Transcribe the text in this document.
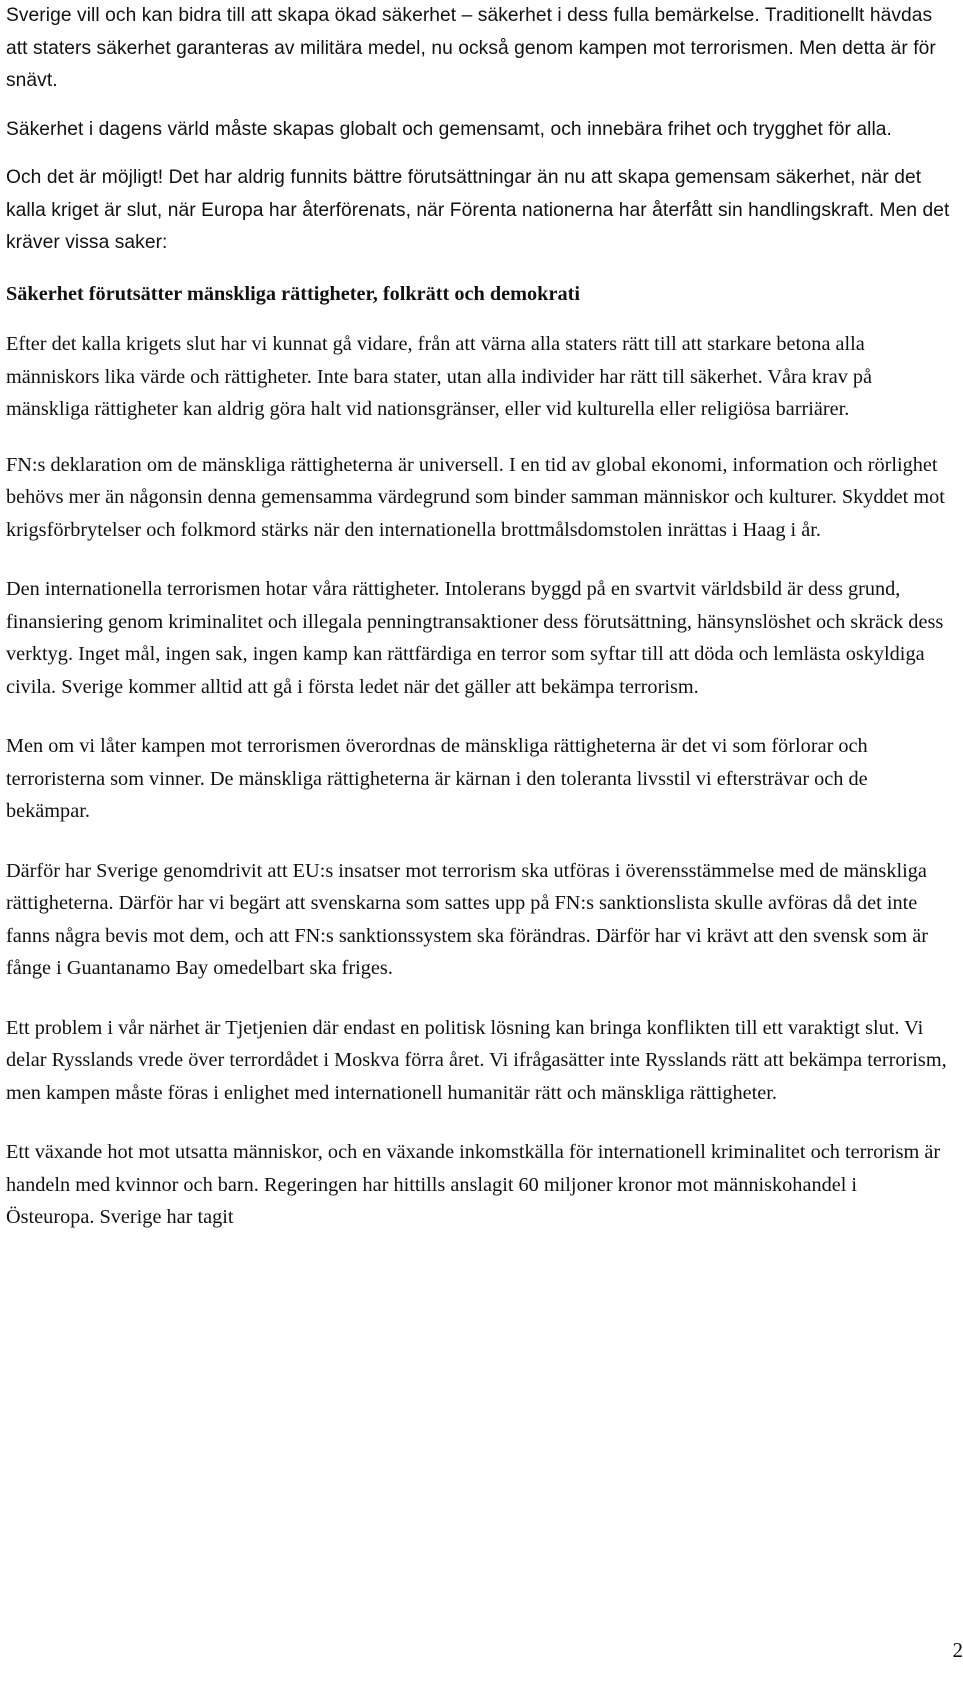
Sverige vill och kan bidra till att skapa ökad säkerhet – säkerhet i dess fulla bemärkelse. Traditionellt hävdas att staters säkerhet garanteras av militära medel, nu också genom kampen mot terrorismen. Men detta är för snävt.

Säkerhet i dagens värld måste skapas globalt och gemensamt, och innebära frihet och trygghet för alla.

Och det är möjligt! Det har aldrig funnits bättre förutsättningar än nu att skapa gemensam säkerhet, när det kalla kriget är slut, när Europa har återförenats, när Förenta nationerna har återfått sin handlingskraft. Men det kräver vissa saker:

Säkerhet förutsätter mänskliga rättigheter, folkrätt och demokrati

Efter det kalla krigets slut har vi kunnat gå vidare, från att värna alla staters rätt till att starkare betona alla människors lika värde och rättigheter. Inte bara stater, utan alla individer har rätt till säkerhet. Våra krav på mänskliga rättigheter kan aldrig göra halt vid nationsgränser, eller vid kulturella eller religiösa barriärer.

FN:s deklaration om de mänskliga rättigheterna är universell. I en tid av global ekonomi, information och rörlighet behövs mer än någonsin denna gemensamma värdegrund som binder samman människor och kulturer. Skyddet mot krigsförbrytelser och folkmord stärks när den internationella brottmålsdomstolen inrättas i Haag i år.

Den internationella terrorismen hotar våra rättigheter. Intolerans byggd på en svartvit världsbild är dess grund, finansiering genom kriminalitet och illegala penningtransaktioner dess förutsättning, hänsynslöshet och skräck dess verktyg. Inget mål, ingen sak, ingen kamp kan rättfärdiga en terror som syftar till att döda och lemlästa oskyldiga civila. Sverige kommer alltid att gå i första ledet när det gäller att bekämpa terrorism.

Men om vi låter kampen mot terrorismen överordnas de mänskliga rättigheterna är det vi som förlorar och terroristerna som vinner. De mänskliga rättigheterna är kärnan i den toleranta livsstil vi eftersträvar och de bekämpar.

Därför har Sverige genomdrivit att EU:s insatser mot terrorism ska utföras i överensstämmelse med de mänskliga rättigheterna. Därför har vi begärt att svenskarna som sattes upp på FN:s sanktionslista skulle avföras då det inte fanns några bevis mot dem, och att FN:s sanktionssystem ska förändras. Därför har vi krävt att den svensk som är fånge i Guantanamo Bay omedelbart ska friges.

Ett problem i vår närhet är Tjetjenien där endast en politisk lösning kan bringa konflikten till ett varaktigt slut. Vi delar Rysslands vrede över terrordådet i Moskva förra året. Vi ifrågasätter inte Rysslands rätt att bekämpa terrorism, men kampen måste föras i enlighet med internationell humanitär rätt och mänskliga rättigheter.

Ett växande hot mot utsatta människor, och en växande inkomstkälla för internationell kriminalitet och terrorism är handeln med kvinnor och barn. Regeringen har hittills anslagit 60 miljoner kronor mot människohandel i Östeuropa. Sverige har tagit

2
